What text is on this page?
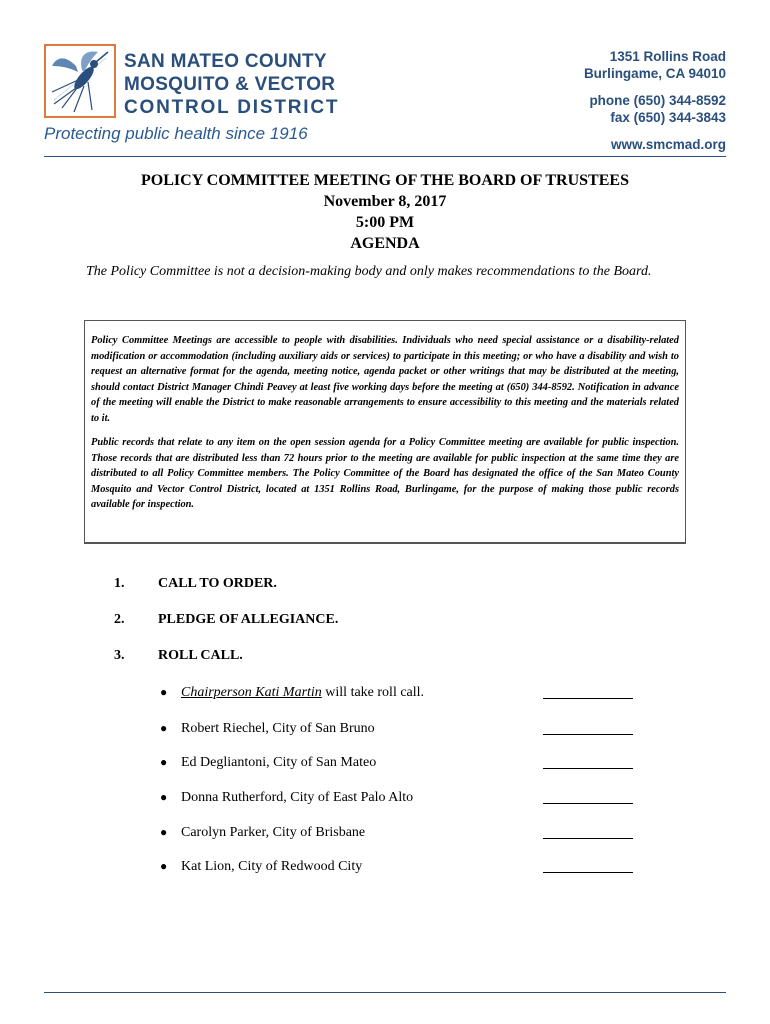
SAN MATEO COUNTY
MOSQUITO & VECTOR
CONTROL DISTRICT
Protecting public health since 1916
1351 Rollins Road
Burlingame, CA 94010
phone (650) 344-8592
fax (650) 344-3843
www.smcmad.org
POLICY COMMITTEE MEETING OF THE BOARD OF TRUSTEES
November 8, 2017
5:00 PM
AGENDA
The Policy Committee is not a decision-making body and only makes recommendations to the Board.

Policy Committee Meetings are accessible to people with disabilities. Individuals who need special assistance or a disability-related modification or accommodation (including auxiliary aids or services) to participate in this meeting; or who have a disability and wish to request an alternative format for the agenda, meeting notice, agenda packet or other writings that may be distributed at the meeting, should contact District Manager Chindi Peavey at least five working days before the meeting at (650) 344-8592. Notification in advance of the meeting will enable the District to make reasonable arrangements to ensure accessibility to this meeting and the materials related to it.

Public records that relate to any item on the open session agenda for a Policy Committee meeting are available for public inspection. Those records that are distributed less than 72 hours prior to the meeting are available for public inspection at the same time they are distributed to all Policy Committee members. The Policy Committee of the Board has designated the office of the San Mateo County Mosquito and Vector Control District, located at 1351 Rollins Road, Burlingame, for the purpose of making those public records available for inspection.

1. CALL TO ORDER.
2. PLEDGE OF ALLEGIANCE.
3. ROLL CALL.
● Chairperson Kati Martin will take roll call.
● Robert Riechel, City of San Bruno
● Ed Degliantoni, City of San Mateo
● Donna Rutherford, City of East Palo Alto
● Carolyn Parker, City of Brisbane
● Kat Lion, City of Redwood City
